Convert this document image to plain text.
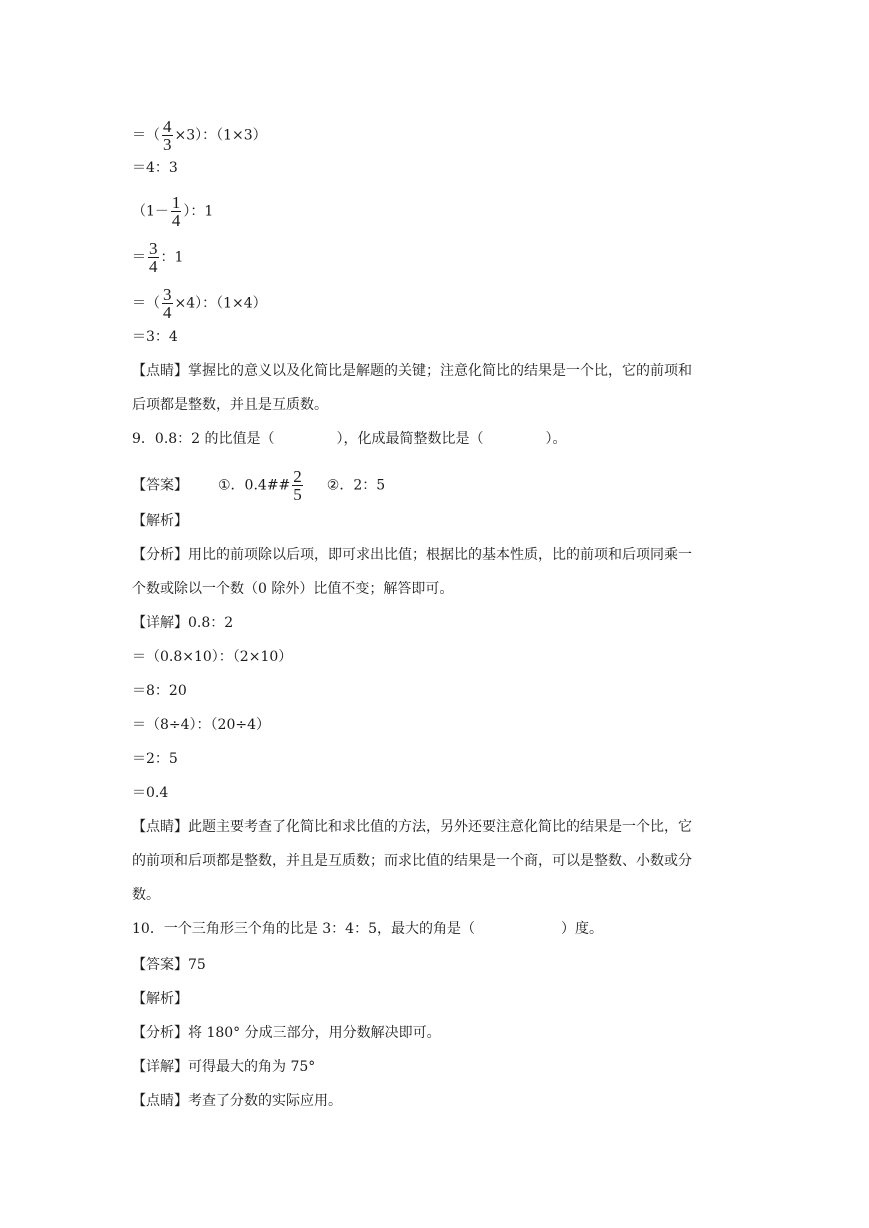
＝（ $\frac{4}{3} \times 3$）：（1×3）
＝4：3
（$1- \frac{1}{4}$ ）：1
＝ $\frac{3}{4}$ ：1
＝（ $\frac{3}{4} \times 4$）：（1×4）
＝3：4
【点睛】掌握比的意义以及化简比是解题的关键；注意化简比的结果是一个比，它的前项和
后项都是整数，并且是互质数。
9．0.8：2 的比值是（	），化成最简整数比是（	）。
【答案】 ①．0.4## $\frac{2}{5}$ ②．2：5
【解析】
【分析】用比的前项除以后项，即可求出比值；根据比的基本性质，比的前项和后项同乘一
个数或除以一个数（0 除外）比值不变；解答即可。
【详解】0.8：2
＝（0.8×10）：（2×10）
＝8：20
＝（8÷4）：（20÷4）
＝2：5
＝0.4
【点睛】此题主要考查了化简比和求比值的方法，另外还要注意化简比的结果是一个比，它
的前项和后项都是整数，并且是互质数；而求比值的结果是一个商，可以是整数、小数或分
数。
10．一个三角形三个角的比是 3：4：5，最大的角是（	）度。
【答案】75
【解析】
【分析】将 180° 分成三部分，用分数解决即可。
【详解】可得最大的角为 75°
【点睛】考查了分数的实际应用。
